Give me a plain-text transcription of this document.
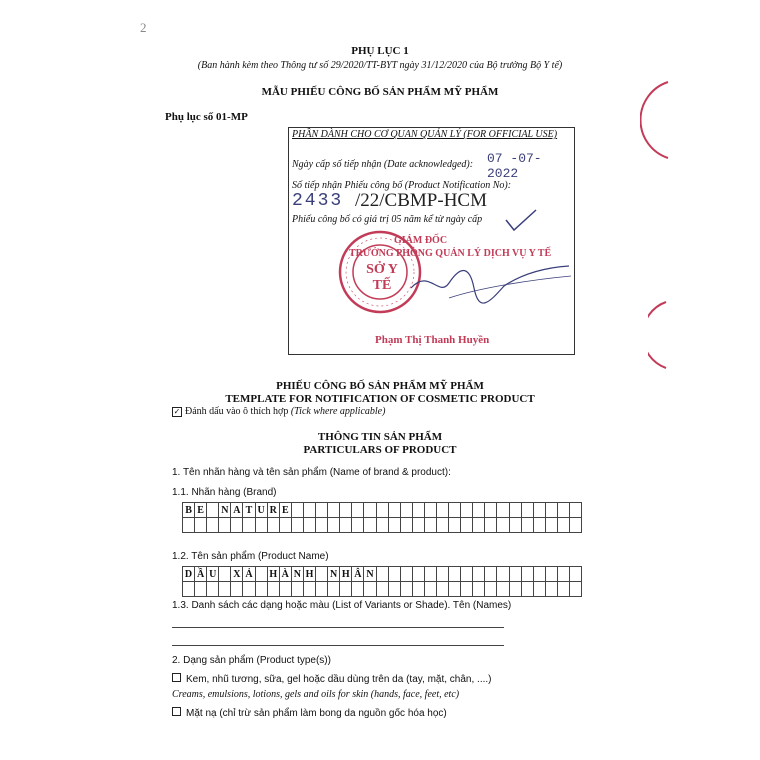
2
PHỤ LỤC 1
(Ban hành kèm theo Thông tư số 29/2020/TT-BYT ngày 31/12/2020 của Bộ trưởng Bộ Y tế)
MẪU PHIẾU CÔNG BỐ SẢN PHẨM MỸ PHẨM
Phụ lục số 01-MP
PHẦN DÀNH CHO CƠ QUAN QUẢN LÝ (FOR OFFICIAL USE)
Ngày cấp số tiếp nhận (Date acknowledged): 07 -07- 2022
Số tiếp nhận Phiếu công bố (Product Notification No):
2433 /22/CBMP-HCM
Phiếu công bố có giá trị 05 năm kể từ ngày cấp
SỞ Y TẾ
GIÁM ĐỐC
TRƯỞNG PHÒNG QUẢN LÝ DỊCH VỤ Y TẾ
Phạm Thị Thanh Huyền
PHIẾU CÔNG BỐ SẢN PHẨM MỸ PHẨM
TEMPLATE FOR NOTIFICATION OF COSMETIC PRODUCT
✓ Đánh dấu vào ô thích hợp (Tick where applicable)
THÔNG TIN SẢN PHẨM
PARTICULARS OF PRODUCT
1. Tên nhãn hàng và tên sản phẩm (Name of brand & product):
1.1. Nhãn hàng (Brand)
B	E		N	A	T	U	R	E																								

1.2. Tên sản phẩm (Product Name)
D	Ầ	U		X	Ả		H	À	N	H		N	H	Â	N																	

1.3. Danh sách các dạng hoặc màu (List of Variants or Shade). Tên (Names)
2. Dạng sản phẩm (Product type(s))
Kem, nhũ tương, sữa, gel hoặc dầu dùng trên da (tay, mặt, chân, ....)
Creams, emulsions, lotions, gels and oils for skin (hands, face, feet, etc)
Mặt nạ (chỉ trừ sản phẩm làm bong da nguồn gốc hóa học)
